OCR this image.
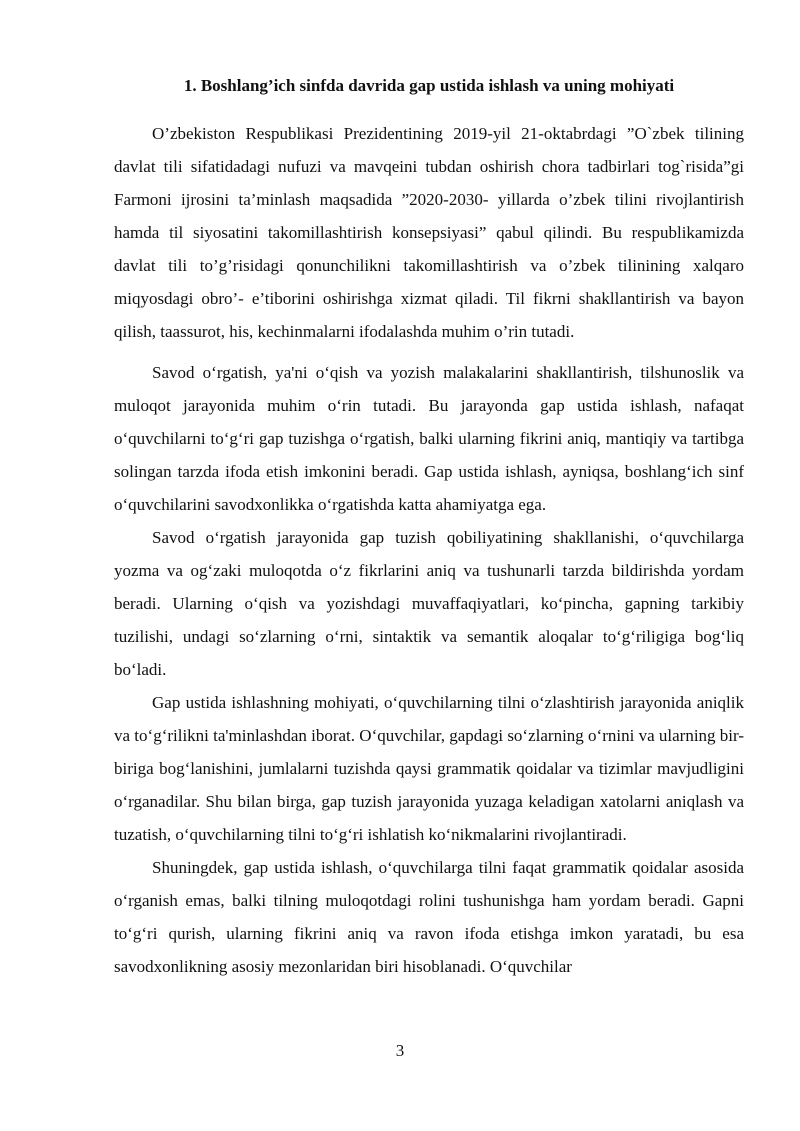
1. Boshlang’ich sinfda davrida gap ustida ishlash va uning mohiyati

O’zbekiston Respublikasi Prezidentining 2019-yil 21-oktabrdagi ”O`zbek tilining davlat tili sifatidadagi nufuzi va mavqeini tubdan oshirish chora tadbirlari tog`risida”gi Farmoni ijrosini ta’minlash maqsadida ”2020-2030- yillarda o’zbek tilini rivojlantirish hamda til siyosatini takomillashtirish konsepsiyasi” qabul qilindi. Bu respublikamizda davlat tili to’g’risidagi qonunchilikni takomillashtirish va o’zbek tilinining xalqaro miqyosdagi obro’- e’tiborini oshirishga xizmat qiladi. Til fikrni shakllantirish va bayon qilish, taassurot, his, kechinmalarni ifodalashda muhim o’rin tutadi.

Savod oʻrgatish, ya'ni oʻqish va yozish malakalarini shakllantirish, tilshunoslik va muloqot jarayonida muhim oʻrin tutadi. Bu jarayonda gap ustida ishlash, nafaqat oʻquvchilarni toʻgʻri gap tuzishga oʻrgatish, balki ularning fikrini aniq, mantiqiy va tartibga solingan tarzda ifoda etish imkonini beradi. Gap ustida ishlash, ayniqsa, boshlangʻich sinf oʻquvchilarini savodxonlikka oʻrgatishda katta ahamiyatga ega.

Savod oʻrgatish jarayonida gap tuzish qobiliyatining shakllanishi, oʻquvchilarga yozma va ogʻzaki muloqotda oʻz fikrlarini aniq va tushunarli tarzda bildirishda yordam beradi. Ularning oʻqish va yozishdagi muvaffaqiyatlari, koʻpincha, gapning tarkibiy tuzilishi, undagi soʻzlarning oʻrni, sintaktik va semantik aloqalar toʻgʻriligiga bogʻliq boʻladi.

Gap ustida ishlashning mohiyati, oʻquvchilarning tilni oʻzlashtirish jarayonida aniqlik va toʻgʻrilikni ta'minlashdan iborat. Oʻquvchilar, gapdagi soʻzlarning oʻrnini va ularning bir-biriga bogʻlanishini, jumlalarni tuzishda qaysi grammatik qoidalar va tizimlar mavjudligini oʻrganadilar. Shu bilan birga, gap tuzish jarayonida yuzaga keladigan xatolarni aniqlash va tuzatish, oʻquvchilarning tilni toʻgʻri ishlatish koʻnikmalarini rivojlantiradi.

Shuningdek, gap ustida ishlash, oʻquvchilarga tilni faqat grammatik qoidalar asosida oʻrganish emas, balki tilning muloqotdagi rolini tushunishga ham yordam beradi. Gapni toʻgʻri qurish, ularning fikrini aniq va ravon ifoda etishga imkon yaratadi, bu esa savodxonlikning asosiy mezonlaridan biri hisoblanadi. Oʻquvchilar

3
